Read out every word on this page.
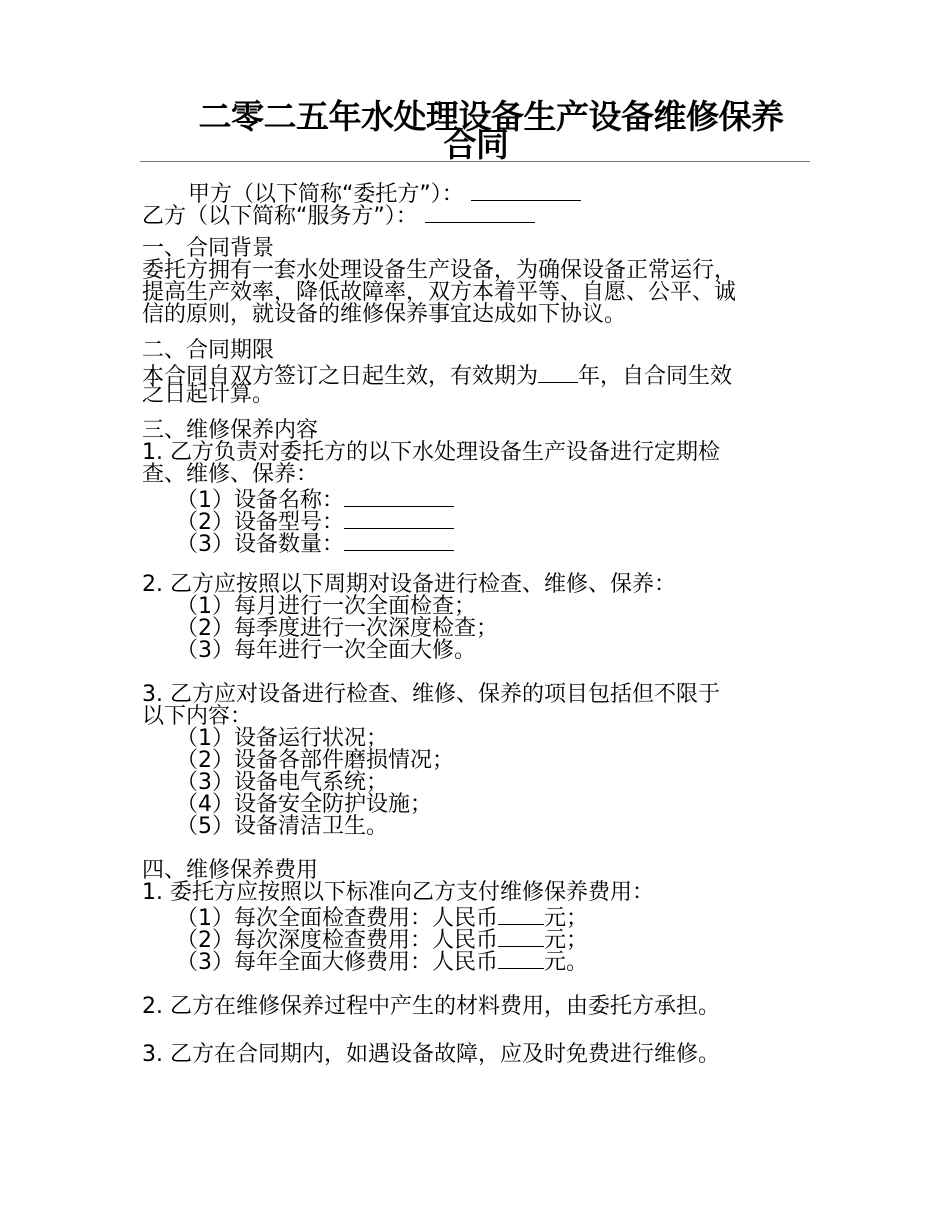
二零二五年水处理设备生产设备维修保养
合同
甲方（以下简称“委托方”）：
乙方（以下简称“服务方”）：
一、合同背景
委托方拥有一套水处理设备生产设备，为确保设备正常运行，
提高生产效率，降低故障率，双方本着平等、自愿、公平、诚
信的原则，就设备的维修保养事宜达成如下协议。
二、合同期限
本合同自双方签订之日起生效，有效期为 年，自合同生效
之日起计算。
三、维修保养内容
1. 乙方负责对委托方的以下水处理设备生产设备进行定期检
查、维修、保养：
（1）设备名称：
（2）设备型号：
（3）设备数量：
2. 乙方应按照以下周期对设备进行检查、维修、保养：
（1）每月进行一次全面检查；
（2）每季度进行一次深度检查；
（3）每年进行一次全面大修。
3. 乙方应对设备进行检查、维修、保养的项目包括但不限于
以下内容：
（1）设备运行状况；
（2）设备各部件磨损情况；
（3）设备电气系统；
（4）设备安全防护设施；
（5）设备清洁卫生。
四、维修保养费用
1. 委托方应按照以下标准向乙方支付维修保养费用：
（1）每次全面检查费用：人民币 元；
（2）每次深度检查费用：人民币 元；
（3）每年全面大修费用：人民币 元。
2. 乙方在维修保养过程中产生的材料费用，由委托方承担。
3. 乙方在合同期内，如遇设备故障，应及时免费进行维修。
